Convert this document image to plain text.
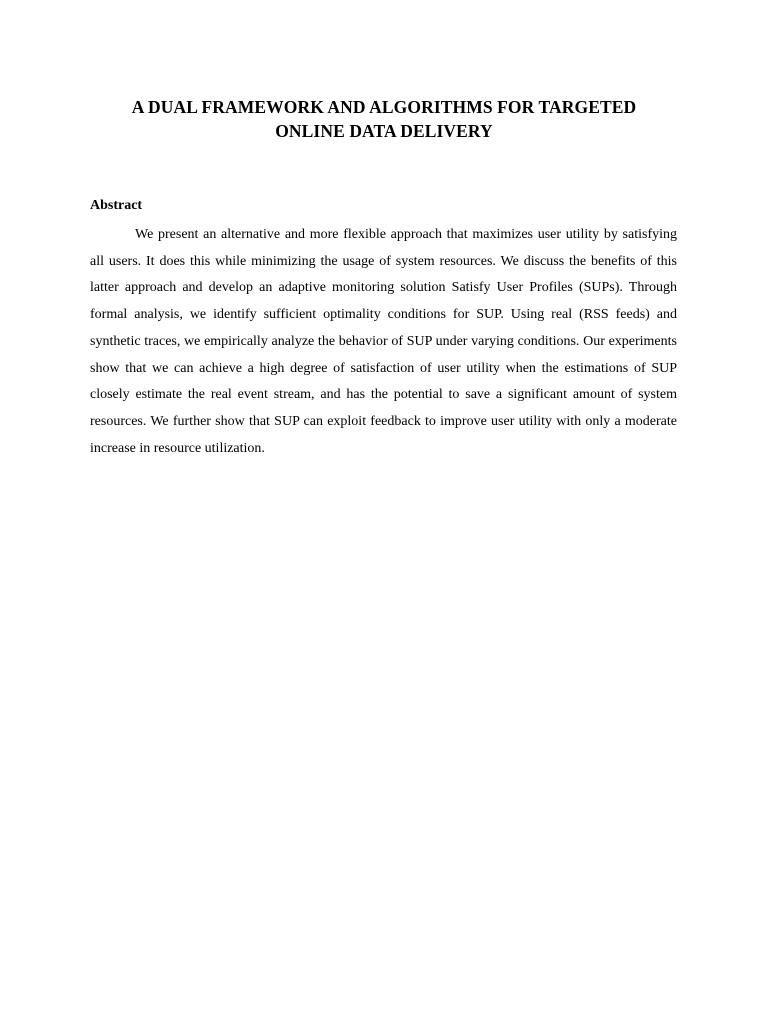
A DUAL FRAMEWORK AND ALGORITHMS FOR TARGETED
ONLINE DATA DELIVERY
Abstract

We present an alternative and more flexible approach that maximizes user utility by satisfying all users. It does this while minimizing the usage of system resources. We discuss the benefits of this latter approach and develop an adaptive monitoring solution Satisfy User Profiles (SUPs). Through formal analysis, we identify sufficient optimality conditions for SUP. Using real (RSS feeds) and synthetic traces, we empirically analyze the behavior of SUP under varying conditions. Our experiments show that we can achieve a high degree of satisfaction of user utility when the estimations of SUP closely estimate the real event stream, and has the potential to save a significant amount of system resources. We further show that SUP can exploit feedback to improve user utility with only a moderate increase in resource utilization.
